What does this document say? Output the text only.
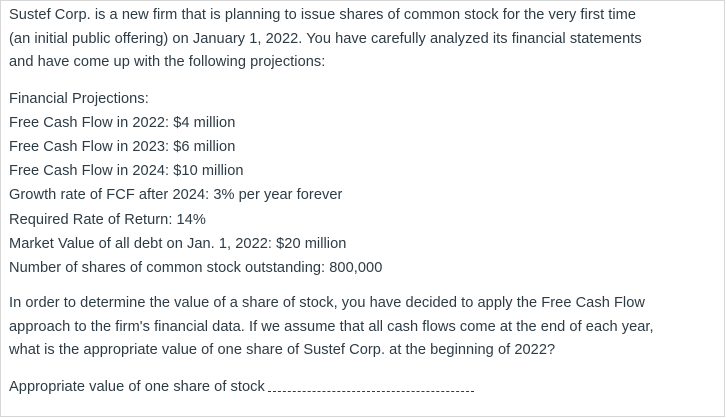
Sustef Corp. is a new firm that is planning to issue shares of common stock for the very first time
(an initial public offering) on January 1, 2022. You have carefully analyzed its financial statements
and have come up with the following projections:
Financial Projections:
Free Cash Flow in 2022: $4 million
Free Cash Flow in 2023: $6 million
Free Cash Flow in 2024: $10 million
Growth rate of FCF after 2024: 3% per year forever
Required Rate of Return: 14%
Market Value of all debt on Jan. 1, 2022: $20 million
Number of shares of common stock outstanding: 800,000
In order to determine the value of a share of stock, you have decided to apply the Free Cash Flow
approach to the firm's financial data. If we assume that all cash flows come at the end of each year,
what is the appropriate value of one share of Sustef Corp. at the beginning of 2022?
Appropriate value of one share of stock
